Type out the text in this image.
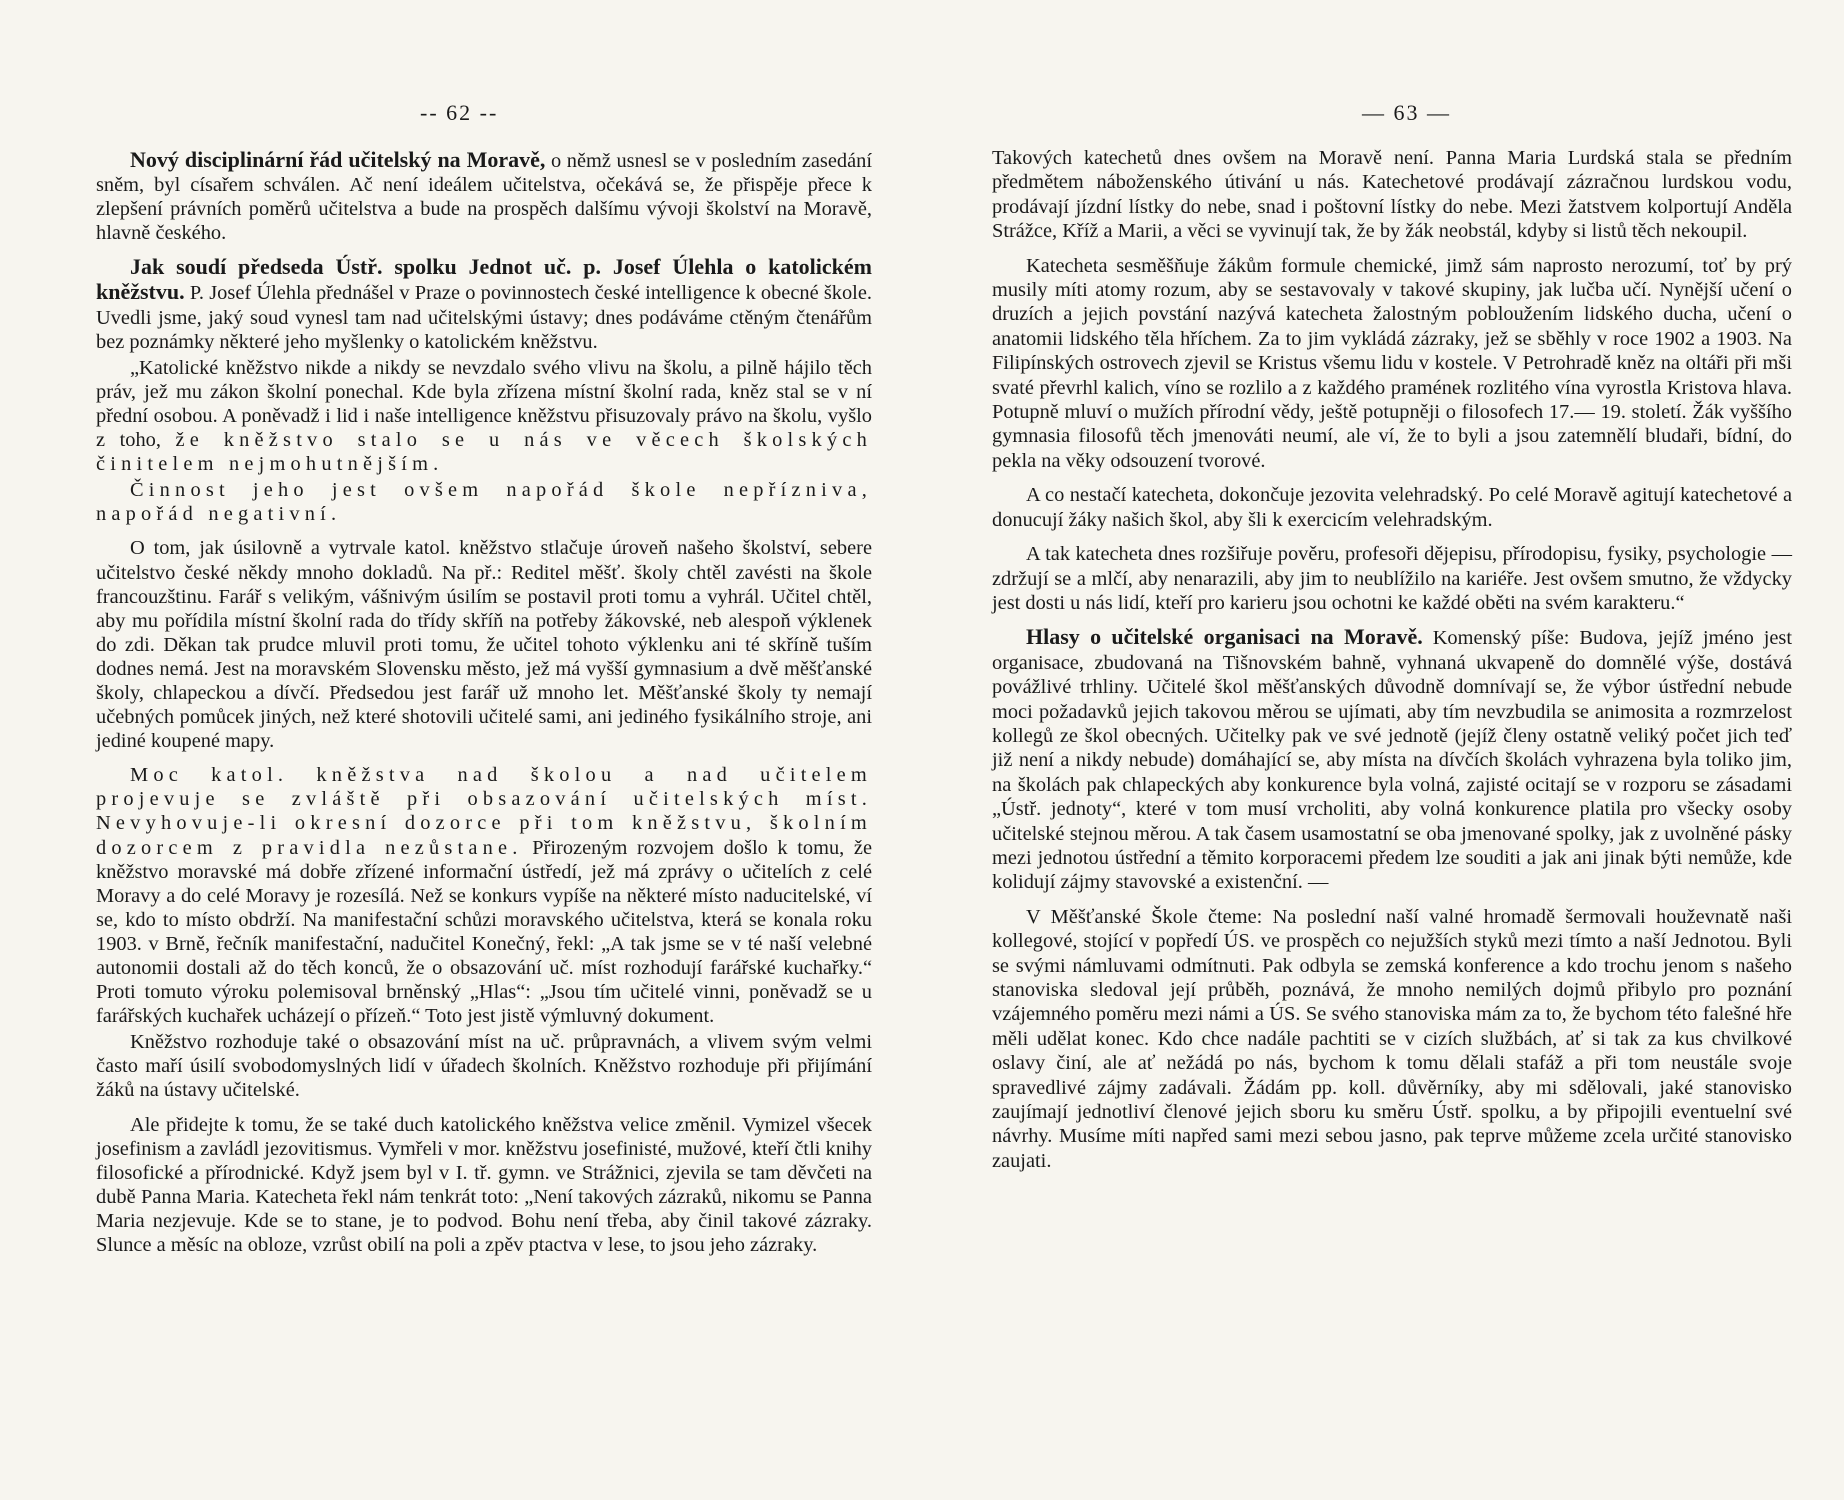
-- 62 --

Nový disciplinární řád učitelský na Moravě, o němž usnesl se v posledním zasedání sněm, byl císařem schválen. Ač není ideálem učitelstva, očekává se, že přispěje přece k zlepšení právních poměrů učitelstva a bude na prospěch dalšímu vývoji školství na Moravě, hlavně českého.

Jak soudí předseda Ústř. spolku Jednot uč. p. Josef Úlehla o katolickém kněžstvu. P. Josef Úlehla přednášel v Praze o povinnostech české intelligence k obecné škole. Uvedli jsme, jaký soud vynesl tam nad učitelskými ústavy; dnes podáváme ctěným čtenářům bez poznámky některé jeho myšlenky o katolickém kněžstvu.

„Katolické kněžstvo nikde a nikdy se nevzdalo svého vlivu na školu, a pilně hájilo těch práv, jež mu zákon školní ponechal. Kde byla zřízena místní školní rada, kněz stal se v ní přední osobou. A poněvadž i lid i naše intelligence kněžstvu přisuzovaly právo na školu, vyšlo z toho, že kněžstvo stalo se u nás ve věcech školských činitelem nejmohutnějším.

Činnost jeho jest ovšem napořád škole nepřízniva, napořád negativní.

O tom, jak úsilovně a vytrvale katol. kněžstvo stlačuje úroveň našeho školství, sebere učitelstvo české někdy mnoho dokladů. Na př.: Reditel měšť. školy chtěl zavésti na škole francouzštinu. Farář s velikým, vášnivým úsilím se postavil proti tomu a vyhrál. Učitel chtěl, aby mu pořídila místní školní rada do třídy skříň na potřeby žákovské, neb alespoň výklenek do zdi. Děkan tak prudce mluvil proti tomu, že učitel tohoto výklenku ani té skříně tuším dodnes nemá. Jest na moravském Slovensku město, jež má vyšší gymnasium a dvě měšťanské školy, chlapeckou a dívčí. Předsedou jest farář už mnoho let. Měšťanské školy ty nemají učebných pomůcek jiných, než které shotovili učitelé sami, ani jediného fysikálního stroje, ani jediné koupené mapy.

Moc katol. kněžstva nad školou a nad učitelem projevuje se zvláště při obsazování učitelských míst. Nevyhovuje-li okresní dozorce při tom kněžstvu, školním dozorcem z pravidla nezůstane. Přirozeným rozvojem došlo k tomu, že kněžstvo moravské má dobře zřízené informační ústředí, jež má zprávy o učitelích z celé Moravy a do celé Moravy je rozesílá. Než se konkurs vypíše na některé místo naducitelské, ví se, kdo to místo obdrží. Na manifestační schůzi moravského učitelstva, která se konala roku 1903. v Brně, řečník manifestační, nadučitel Konečný, řekl: „A tak jsme se v té naší velebné autonomii dostali až do těch konců, že o obsazování uč. míst rozhodují farářské kuchařky.“ Proti tomuto výroku polemisoval brněnský „Hlas“: „Jsou tím učitelé vinni, poněvadž se u farářských kuchařek ucházejí o přízeň.“ Toto jest jistě výmluvný dokument.

Kněžstvo rozhoduje také o obsazování míst na uč. průpravnách, a vlivem svým velmi často maří úsilí svobodomyslných lidí v úřadech školních. Kněžstvo rozhoduje při přijímání žáků na ústavy učitelské.

Ale přidejte k tomu, že se také duch katolického kněžstva velice změnil. Vymizel všecek josefinism a zavládl jezovitismus. Vymřeli v mor. kněžstvu josefinisté, mužové, kteří čtli knihy filosofické a přírodnické. Když jsem byl v I. tř. gymn. ve Strážnici, zjevila se tam děvčeti na dubě Panna Maria. Katecheta řekl nám tenkrát toto: „Není takových zázraků, nikomu se Panna Maria nezjevuje. Kde se to stane, je to podvod. Bohu není třeba, aby činil takové zázraky. Slunce a měsíc na obloze, vzrůst obilí na poli a zpěv ptactva v lese, to jsou jeho zázraky.

— 63 —

Takových katechetů dnes ovšem na Moravě není. Panna Maria Lurdská stala se předním předmětem náboženského útivání u nás. Katechetové prodávají zázračnou lurdskou vodu, prodávají jízdní lístky do nebe, snad i poštovní lístky do nebe. Mezi žatstvem kolportují Anděla Strážce, Kříž a Marii, a věci se vyvinují tak, že by žák neobstál, kdyby si listů těch nekoupil.

Katecheta sesměšňuje žákům formule chemické, jimž sám naprosto nerozumí, toť by prý musily míti atomy rozum, aby se sestavovaly v takové skupiny, jak lučba učí. Nynější učení o druzích a jejich povstání nazývá katecheta žalostným pobloužením lidského ducha, učení o anatomii lidského těla hříchem. Za to jim vykládá zázraky, jež se sběhly v roce 1902 a 1903. Na Filipínských ostrovech zjevil se Kristus všemu lidu v kostele. V Petrohradě kněz na oltáři při mši svaté převrhl kalich, víno se rozlilo a z každého pramének rozlitého vína vyrostla Kristova hlava. Potupně mluví o mužích přírodní vědy, ještě potupněji o filosofech 17.— 19. století. Žák vyššího gymnasia filosofů těch jmenováti neumí, ale ví, že to byli a jsou zatemnělí bludaři, bídní, do pekla na věky odsouzení tvorové.

A co nestačí katecheta, dokončuje jezovita velehradský. Po celé Moravě agitují katechetové a donucují žáky našich škol, aby šli k exercicím velehradským.

A tak katecheta dnes rozšiřuje pověru, profesoři dějepisu, přírodopisu, fysiky, psychologie — zdržují se a mlčí, aby nenarazili, aby jim to neublížilo na kariéře. Jest ovšem smutno, že vždycky jest dosti u nás lidí, kteří pro karieru jsou ochotni ke každé oběti na svém karakteru.“

Hlasy o učitelské organisaci na Moravě. Komenský píše: Budova, jejíž jméno jest organisace, zbudovaná na Tišnovském bahně, vyhnaná ukvapeně do domnělé výše, dostává povážlivé trhliny. Učitelé škol měšťanských důvodně domnívají se, že výbor ústřední nebude moci požadavků jejich takovou měrou se ujímati, aby tím nevzbudila se animosita a rozmrzelost kollegů ze škol obecných. Učitelky pak ve své jednotě (jejíž členy ostatně veliký počet jich teď již není a nikdy nebude) domáhající se, aby místa na dívčích školách vyhrazena byla toliko jim, na školách pak chlapeckých aby konkurence byla volná, zajisté ocitají se v rozporu se zásadami „Ústř. jednoty“, které v tom musí vrcholiti, aby volná konkurence platila pro všecky osoby učitelské stejnou měrou. A tak časem usamostatní se oba jmenované spolky, jak z uvolněné pásky mezi jednotou ústřední a těmito korporacemi předem lze souditi a jak ani jinak býti nemůže, kde kolidují zájmy stavovské a existenční. —

V Měšťanské Škole čteme: Na poslední naší valné hromadě šermovali houževnatě naši kollegové, stojící v popředí ÚS. ve prospěch co nejužších styků mezi tímto a naší Jednotou. Byli se svými námluvami odmítnuti. Pak odbyla se zemská konference a kdo trochu jenom s našeho stanoviska sledoval její průběh, poznává, že mnoho nemilých dojmů přibylo pro poznání vzájemného poměru mezi námi a ÚS. Se svého stanoviska mám za to, že bychom této falešné hře měli udělat konec. Kdo chce nadále pachtiti se v cizích službách, ať si tak za kus chvilkové oslavy činí, ale ať nežádá po nás, bychom k tomu dělali stafáž a při tom neustále svoje spravedlivé zájmy zadávali. Žádám pp. koll. důvěrníky, aby mi sdělovali, jaké stanovisko zaujímají jednotliví členové jejich sboru ku směru Ústř. spolku, a by připojili eventuelní své návrhy. Musíme míti napřed sami mezi sebou jasno, pak teprve můžeme zcela určité stanovisko zaujati.
